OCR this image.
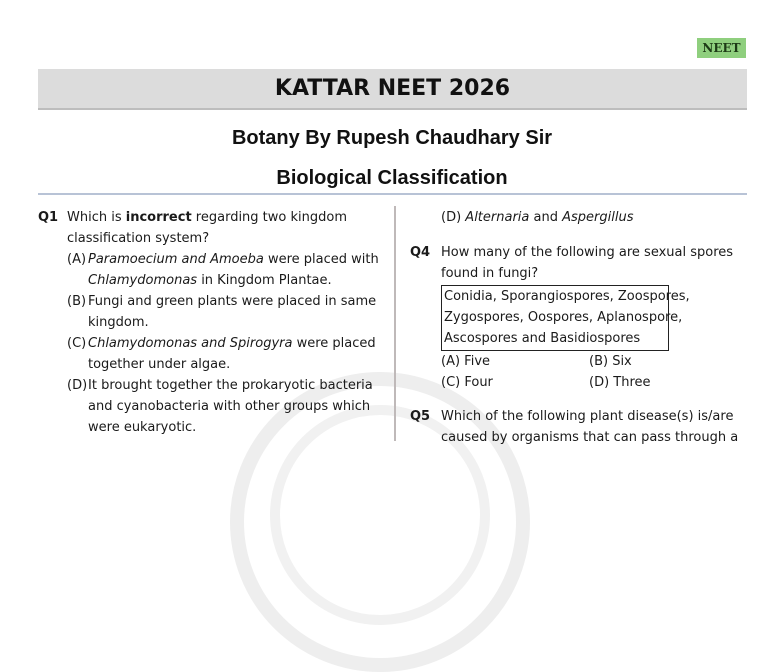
NEET
KATTAR NEET 2026
Botany By Rupesh Chaudhary Sir
Biological Classification
Q1 Which is incorrect regarding two kingdom
classification system?
(A) Paramoecium and Amoeba were placed with
Chlamydomonas in Kingdom Plantae.
(B) Fungi and green plants were placed in same
kingdom.
(C) Chlamydomonas and Spirogyra were placed
together under algae.
(D) It brought together the prokaryotic bacteria
and cyanobacteria with other groups which
were eukaryotic.
(D) Alternaria and Aspergillus
Q4 How many of the following are sexual spores
found in fungi?
Conidia, Sporangiospores, Zoospores,
Zygospores, Oospores, Aplanospore,
Ascospores and Basidiospores
(A) Five	(B) Six
(C) Four	(D) Three
Q5 Which of the following plant disease(s) is/are
caused by organisms that can pass through a
